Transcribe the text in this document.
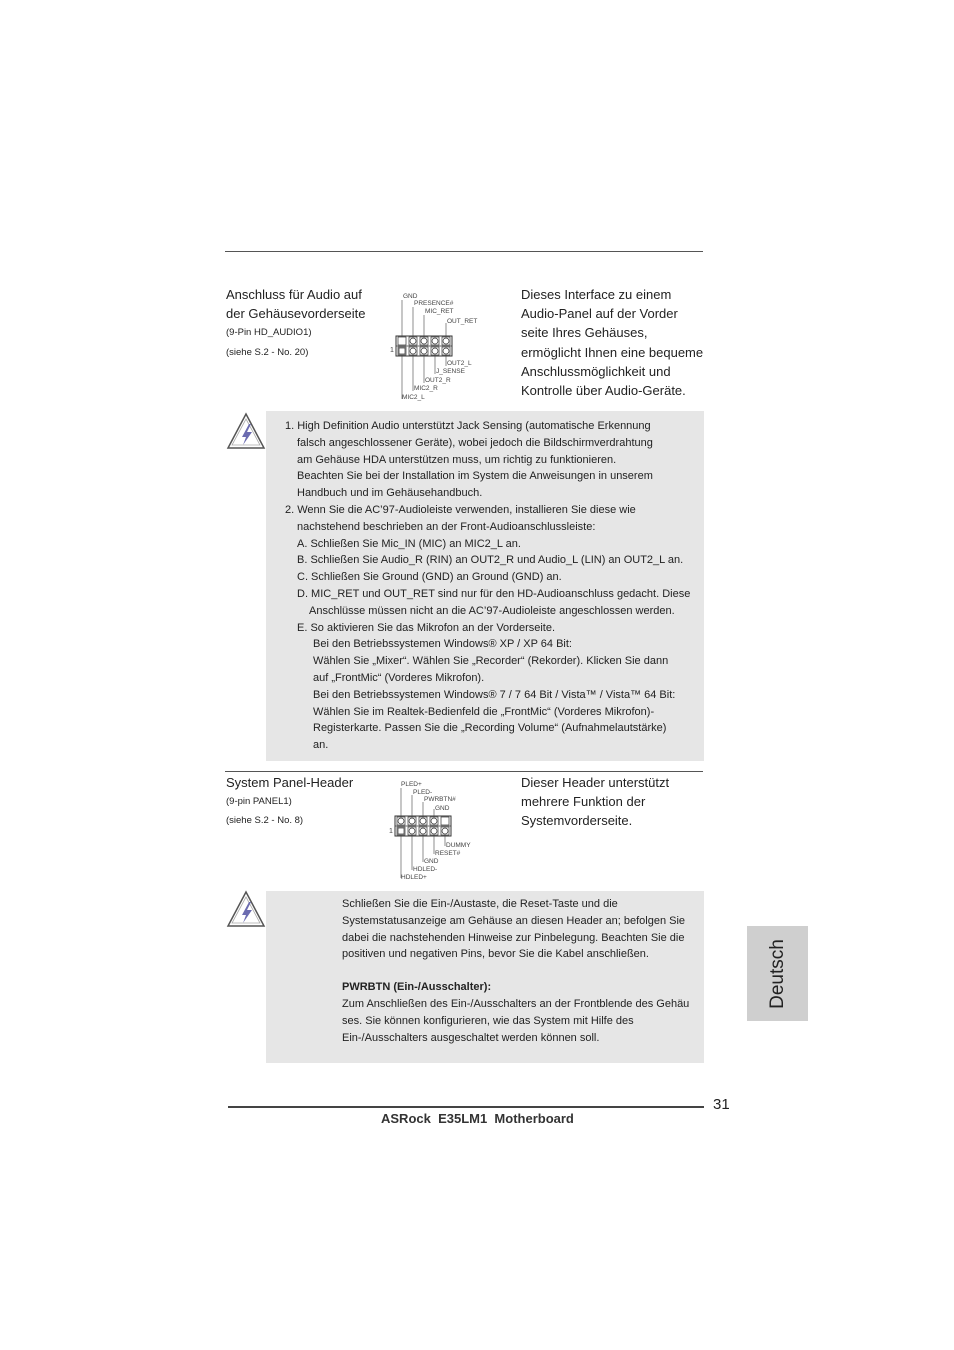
Anschluss für Audio auf
der Gehäusevorderseite
(9-Pin HD_AUDIO1)
(siehe S.2 - No. 20)
GND
PRESENCE#
MIC_RET
OUT_RET
OUT2_L
J_SENSE
OUT2_R
MIC2_R
MIC2_L
1
Dieses Interface zu einem
Audio-Panel auf der Vorder
seite Ihres Gehäuses,
ermöglicht Ihnen eine bequeme
Anschlussmöglichkeit und
Kontrolle über Audio-Geräte.
1. High Definition Audio unterstützt Jack Sensing (automatische Erkennung
falsch angeschlossener Geräte), wobei jedoch die Bildschirmverdrahtung
am Gehäuse HDA unterstützen muss, um richtig zu funktionieren.
Beachten Sie bei der Installation im System die Anweisungen in unserem
Handbuch und im Gehäusehandbuch.
2. Wenn Sie die AC’97-Audioleiste verwenden, installieren Sie diese wie
nachstehend beschrieben an der Front-Audioanschlussleiste:
A. Schließen Sie Mic_IN (MIC) an MIC2_L an.
B. Schließen Sie Audio_R (RIN) an OUT2_R und Audio_L (LIN) an OUT2_L an.
C. Schließen Sie Ground (GND) an Ground (GND) an.
D. MIC_RET und OUT_RET sind nur für den HD-Audioanschluss gedacht. Diese
Anschlüsse müssen nicht an die AC’97-Audioleiste angeschlossen werden.
E. So aktivieren Sie das Mikrofon an der Vorderseite.
Bei den Betriebssystemen Windows® XP / XP 64 Bit:
Wählen Sie „Mixer“. Wählen Sie „Recorder“ (Rekorder). Klicken Sie dann
auf „FrontMic“ (Vorderes Mikrofon).
Bei den Betriebssystemen Windows® 7 / 7 64 Bit / Vista™ / Vista™ 64 Bit:
Wählen Sie im Realtek-Bedienfeld die „FrontMic“ (Vorderes Mikrofon)-
Registerkarte. Passen Sie die „Recording Volume“ (Aufnahmelautstärke)
an.
System Panel-Header
(9-pin PANEL1)
(siehe S.2 - No. 8)
PLED+
PLED-
PWRBTN#
GND
DUMMY
RESET#
GND
HDLED-
HDLED+
1
Dieser Header unterstützt
mehrere Funktion der
Systemvorderseite.
Schließen Sie die Ein-/Austaste, die Reset-Taste und die
Systemstatusanzeige am Gehäuse an diesen Header an; befolgen Sie
dabei die nachstehenden Hinweise zur Pinbelegung. Beachten Sie die
positiven und negativen Pins, bevor Sie die Kabel anschließen.
PWRBTN (Ein-/Ausschalter):
Zum Anschließen des Ein-/Ausschalters an der Frontblende des Gehäu
ses. Sie können konfigurieren, wie das System mit Hilfe des
Ein-/Ausschalters ausgeschaltet werden können soll.
Deutsch
31
ASRock  E35LM1  Motherboard
